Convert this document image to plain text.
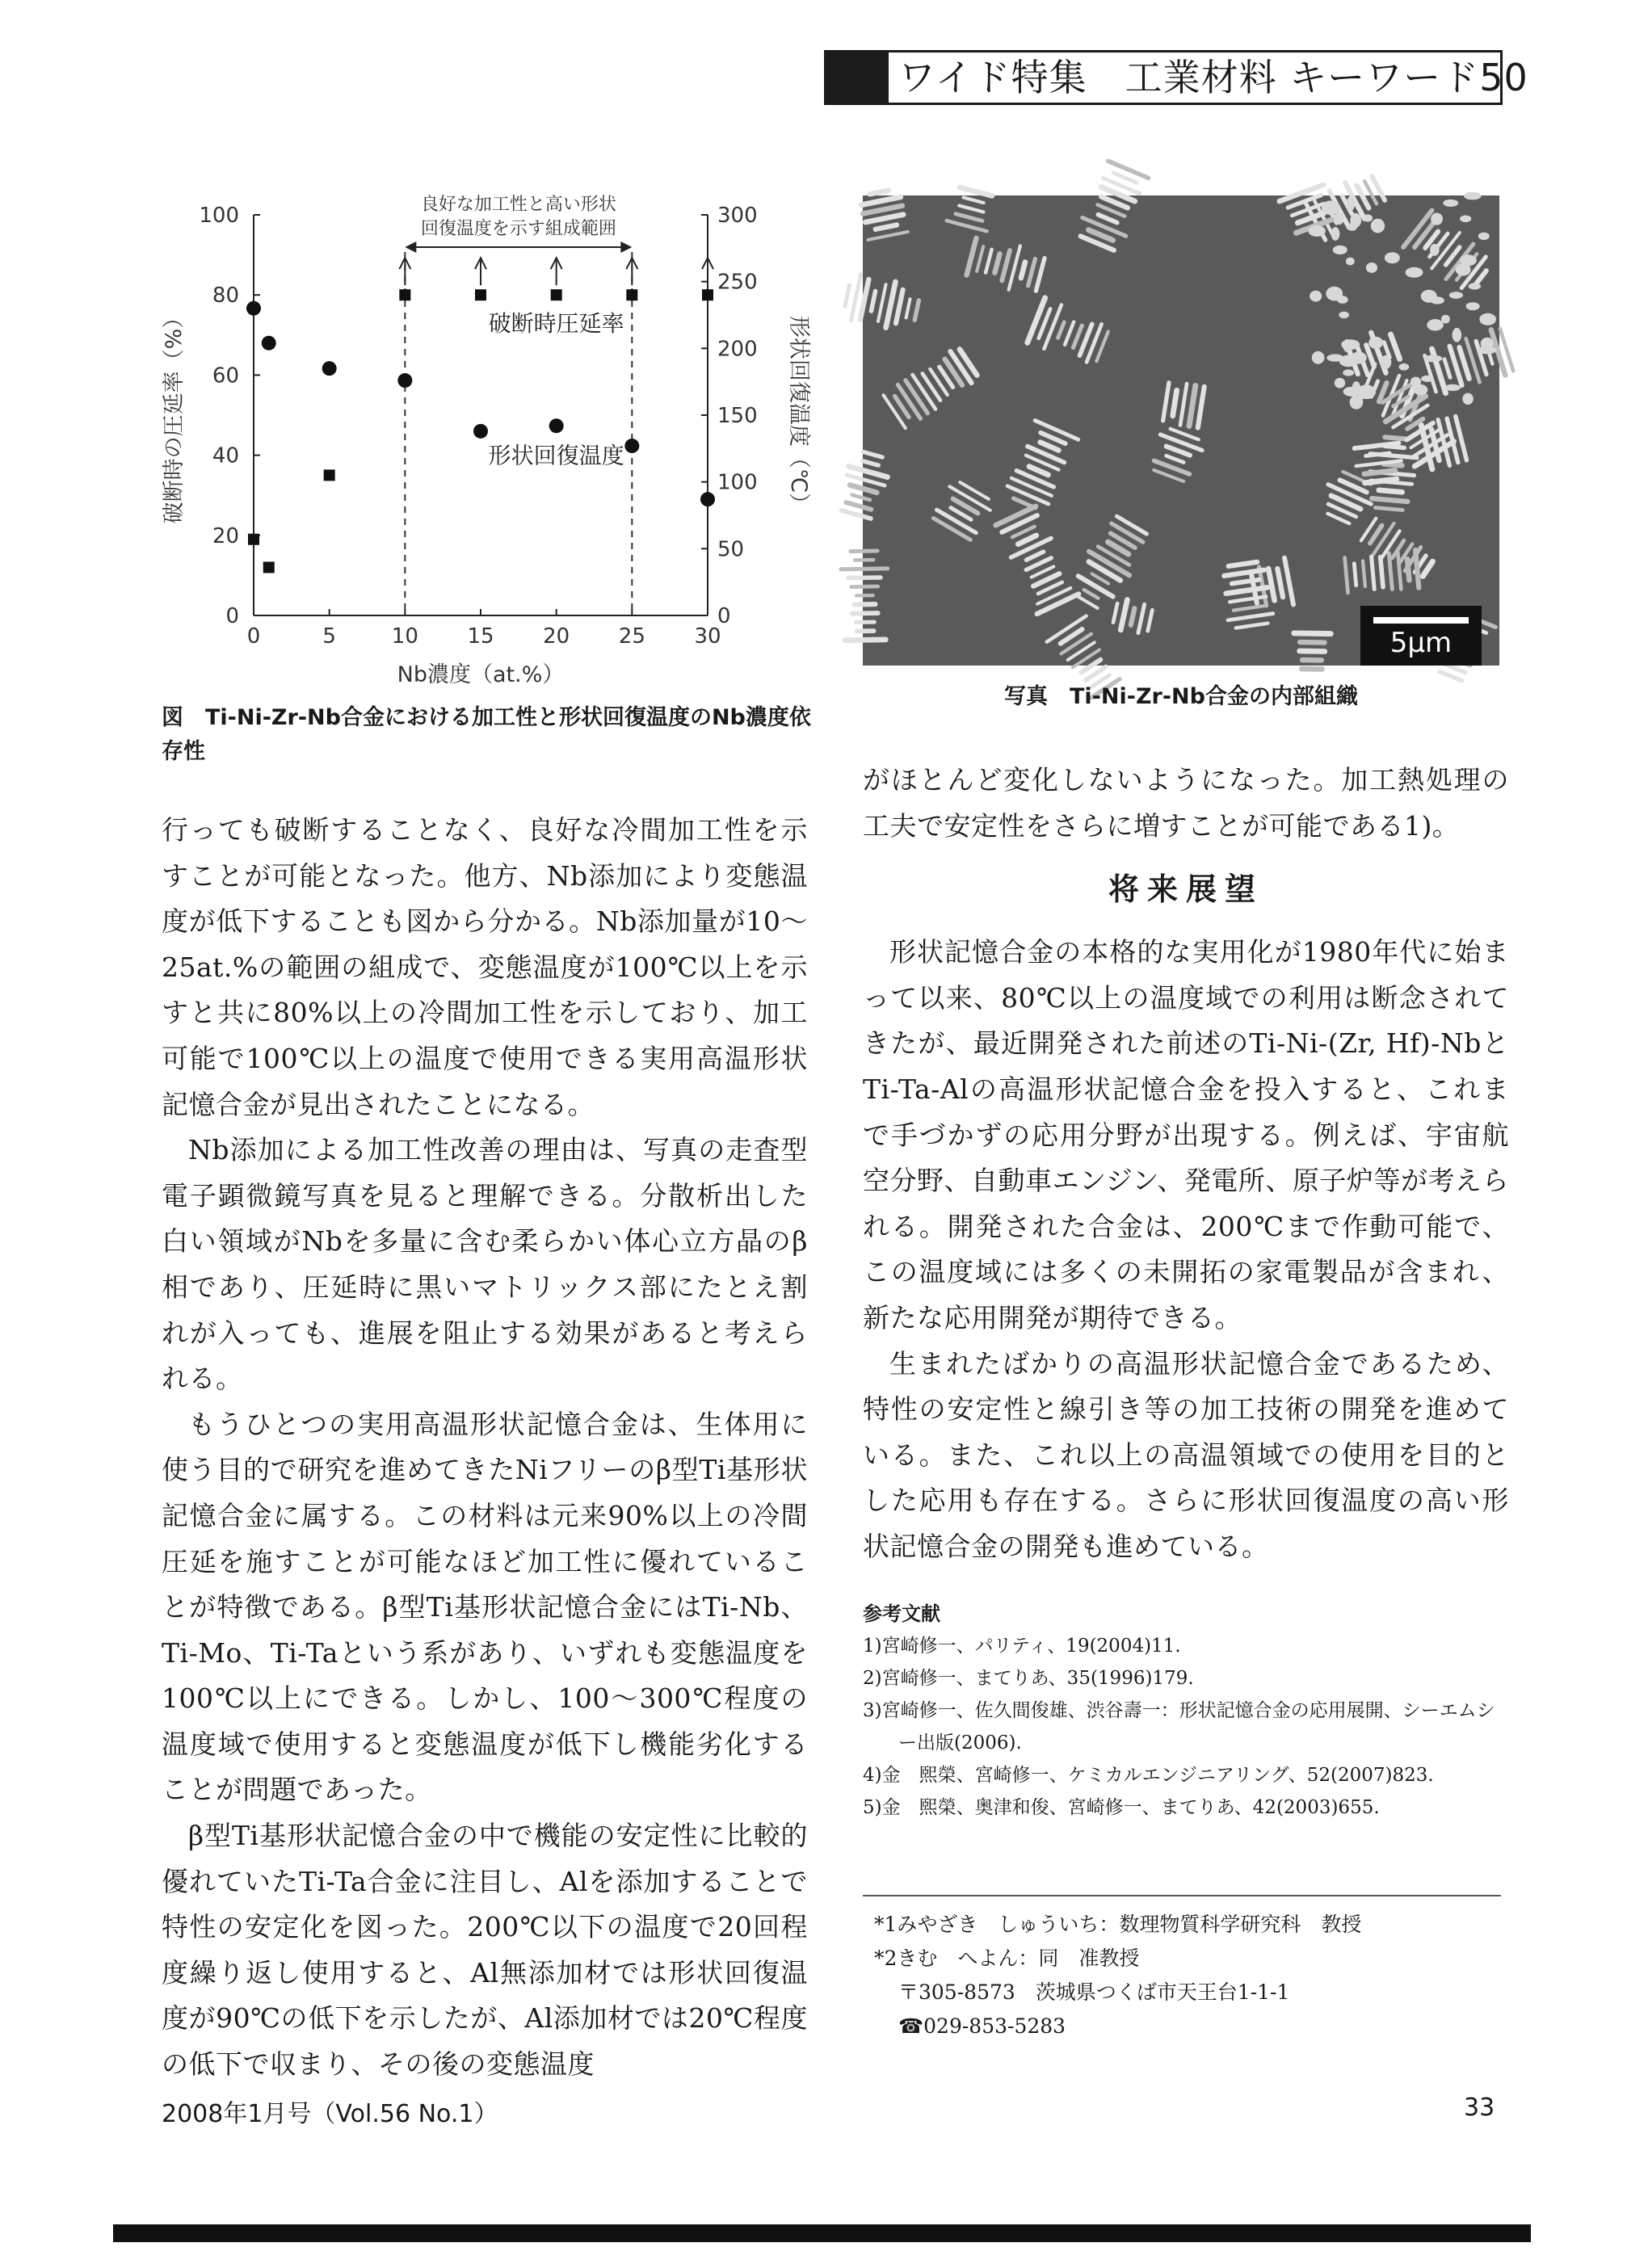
ワイド特集　工業材料 キーワード50
0	5	10 15 20 25 30
0
20
40
60
80
100
0
50
100
150
200
250
300
Nb濃度（at.%）
破断時の圧延率（%）	形状回復温度（℃）
良好な加工性と高い形状
回復温度を示す組成範囲
破断時圧延率
形状回復温度
図　Ti-Ni-Zr-Nb合金における加工性と形状回復温度のNb濃度依存性
5μm
写真　Ti-Ni-Zr-Nb合金の内部組織

行っても破断することなく、良好な冷間加工性を示すことが可能となった。他方、Nb添加により変態温度が低下することも図から分かる。Nb添加量が10～25at.%の範囲の組成で、変態温度が100℃以上を示すと共に80%以上の冷間加工性を示しており、加工可能で100℃以上の温度で使用できる実用高温形状記憶合金が見出されたことになる。

Nb添加による加工性改善の理由は、写真の走査型電子顕微鏡写真を見ると理解できる。分散析出した白い領域がNbを多量に含む柔らかい体心立方晶のβ相であり、圧延時に黒いマトリックス部にたとえ割れが入っても、進展を阻止する効果があると考えられる。

もうひとつの実用高温形状記憶合金は、生体用に使う目的で研究を進めてきたNiフリーのβ型Ti基形状記憶合金に属する。この材料は元来90%以上の冷間圧延を施すことが可能なほど加工性に優れていることが特徴である。β型Ti基形状記憶合金にはTi-Nb、Ti-Mo、Ti-Taという系があり、いずれも変態温度を100℃以上にできる。しかし、100～300℃程度の温度域で使用すると変態温度が低下し機能劣化することが問題であった。

β型Ti基形状記憶合金の中で機能の安定性に比較的優れていたTi-Ta合金に注目し、Alを添加することで特性の安定化を図った。200℃以下の温度で20回程度繰り返し使用すると、Al無添加材では形状回復温度が90℃の低下を示したが、Al添加材では20℃程度の低下で収まり、その後の変態温度

がほとんど変化しないようになった。加工熱処理の工夫で安定性をさらに増すことが可能である1)。

将来展望

形状記憶合金の本格的な実用化が1980年代に始まって以来、80℃以上の温度域での利用は断念されてきたが、最近開発された前述のTi-Ni-(Zr, Hf)-NbとTi-Ta-Alの高温形状記憶合金を投入すると、これまで手づかずの応用分野が出現する。例えば、宇宙航空分野、自動車エンジン、発電所、原子炉等が考えられる。開発された合金は、200℃まで作動可能で、この温度域には多くの未開拓の家電製品が含まれ、新たな応用開発が期待できる。

生まれたばかりの高温形状記憶合金であるため、特性の安定性と線引き等の加工技術の開発を進めている。また、これ以上の高温領域での使用を目的とした応用も存在する。さらに形状回復温度の高い形状記憶合金の開発も進めている。

参考文献
1)宮崎修一、パリティ、19(2004)11.
2)宮崎修一、まてりあ、35(1996)179.
3)宮崎修一、佐久間俊雄、渋谷壽一：形状記憶合金の応用展開、シーエムシー出版(2006).
4)金　煕榮、宮崎修一、ケミカルエンジニアリング、52(2007)823.
5)金　煕榮、奥津和俊、宮崎修一、まてりあ、42(2003)655.
*1みやざき　しゅういち：数理物質科学研究科　教授
*2きむ　へよん：同　准教授
〒305-8573　茨城県つくば市天王台1-1-1
☎029-853-5283
2008年1月号（Vol.56 No.1）	33
